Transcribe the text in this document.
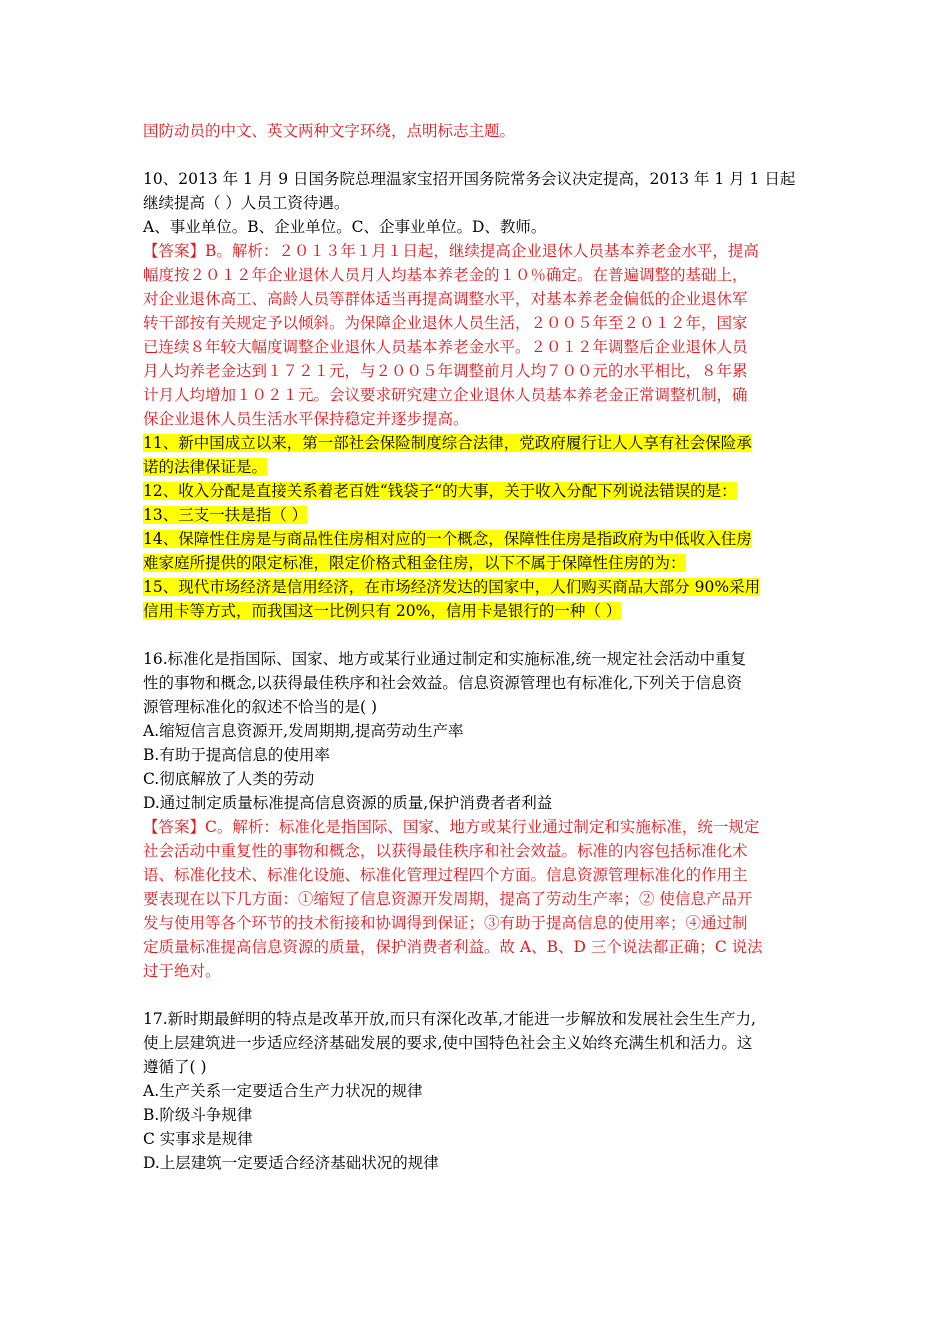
国防动员的中文、英文两种文字环绕，点明标志主题。

10、2013 年 1 月 9 日国务院总理温家宝招开国务院常务会议决定提高，2013 年 1 月 1 日起
继续提高（ ）人员工资待遇。
A、事业单位。B、企业单位。C、企事业单位。D、教师。
【答案】B。解析：２０１３年１月１日起，继续提高企业退休人员基本养老金水平，提高
幅度按２０１２年企业退休人员月人均基本养老金的１０％确定。在普遍调整的基础上，
对企业退休高工、高龄人员等群体适当再提高调整水平，对基本养老金偏低的企业退休军
转干部按有关规定予以倾斜。为保障企业退休人员生活，２００５年至２０１２年，国家
已连续８年较大幅度调整企业退休人员基本养老金水平。２０１２年调整后企业退休人员
月人均养老金达到１７２１元，与２００５年调整前月人均７００元的水平相比，８年累
计月人均增加１０２１元。会议要求研究建立企业退休人员基本养老金正常调整机制，确
保企业退休人员生活水平保持稳定并逐步提高。
11、新中国成立以来，第一部社会保险制度综合法律，党政府履行让人人享有社会保险承
诺的法律保证是。
12、收入分配是直接关系着老百姓“钱袋子“的大事，关于收入分配下列说法错误的是：
13、三支一扶是指（ ）
14、保障性住房是与商品性住房相对应的一个概念，保障性住房是指政府为中低收入住房
难家庭所提供的限定标准，限定价格式租金住房，以下不属于保障性住房的为：
15、现代市场经济是信用经济，在市场经济发达的国家中，人们购买商品大部分 90%采用
信用卡等方式，而我国这一比例只有 20%，信用卡是银行的一种（ ）
16.标准化是指国际、国家、地方或某行业通过制定和实施标准,统一规定社会活动中重复
性的事物和概念,以获得最佳秩序和社会效益。信息资源管理也有标准化,下列关于信息资
源管理标准化的叙述不恰当的是( )
A.缩短信言息资源开,发周期期,提高劳动生产率
B.有助于提高信息的使用率
C.彻底解放了人类的劳动
D.通过制定质量标准提高信息资源的质量,保护消费者者利益
【答案】C。解析：标准化是指国际、国家、地方或某行业通过制定和实施标准，统一规定
社会活动中重复性的事物和概念，以获得最佳秩序和社会效益。标准的内容包括标准化术
语、标准化技术、标准化设施、标准化管理过程四个方面。信息资源管理标准化的作用主
要表现在以下几方面：①缩短了信息资源开发周期，提高了劳动生产率；② 使信息产品开
发与使用等各个环节的技术衔接和协调得到保证；③有助于提高信息的使用率；④通过制
定质量标准提高信息资源的质量，保护消费者利益。故 A、B、D 三个说法都正确；C 说法
过于绝对。
17.新时期最鲜明的特点是改革开放,而只有深化改革,才能进一步解放和发展社会生生产力,
使上层建筑进一步适应经济基础发展的要求,使中国特色社会主义始终充满生机和活力。这
遵循了( )
A.生产关系一定要适合生产力状况的规律
B.阶级斗争规律
C 实事求是规律
D.上层建筑一定要适合经济基础状况的规律
